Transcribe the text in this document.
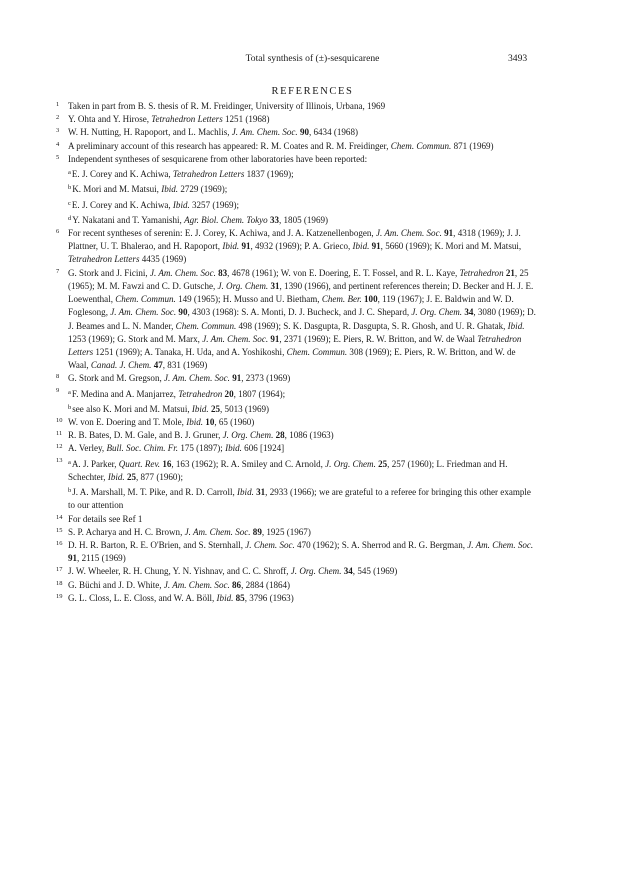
Total synthesis of (±)-sesquicarene	3493
REFERENCES
1 Taken in part from B. S. thesis of R. M. Freidinger, University of Illinois, Urbana, 1969
2 Y. Ohta and Y. Hirose, Tetrahedron Letters 1251 (1968)
3 W. H. Nutting, H. Rapoport, and L. Machlis, J. Am. Chem. Soc. 90, 6434 (1968)
4 A preliminary account of this research has appeared: R. M. Coates and R. M. Freidinger, Chem. Commun. 871 (1969)
5 Independent syntheses of sesquicarene from other laboratories have been reported:
$^a$E. J. Corey and K. Achiwa, Tetrahedron Letters 1837 (1969);
$^b$K. Mori and M. Matsui, Ibid. 2729 (1969);
$^c$E. J. Corey and K. Achiwa, Ibid. 3257 (1969);
$^d$Y. Nakatani and T. Yamanishi, Agr. Biol. Chem. Tokyo 33, 1805 (1969)
6 For recent syntheses of serenin: E. J. Corey, K. Achiwa, and J. A. Katzenellenbogen, J. Am. Chem. Soc. 91, 4318 (1969); J. J. Plattner, U. T. Bhalerao, and H. Rapoport, Ibid. 91, 4932 (1969); P. A. Grieco, Ibid. 91, 5660 (1969); K. Mori and M. Matsui, Tetrahedron Letters 4435 (1969)
7 G. Stork and J. Ficini, J. Am. Chem. Soc. 83, 4678 (1961); W. von E. Doering, E. T. Fossel, and R. L. Kaye, Tetrahedron 21, 25 (1965); M. M. Fawzi and C. D. Gutsche, J. Org. Chem. 31, 1390 (1966), and pertinent references therein; D. Becker and H. J. E. Loewenthal, Chem. Commun. 149 (1965); H. Musso and U. Bietham, Chem. Ber. 100, 119 (1967); J. E. Baldwin and W. D. Foglesong, J. Am. Chem. Soc. 90, 4303 (1968): S. A. Monti, D. J. Bucheck, and J. C. Shepard, J. Org. Chem. 34, 3080 (1969); D. J. Beames and L. N. Mander, Chem. Commun. 498 (1969); S. K. Dasgupta, R. Dasgupta, S. R. Ghosh, and U. R. Ghatak, Ibid. 1253 (1969); G. Stork and M. Marx, J. Am. Chem. Soc. 91, 2371 (1969); E. Piers, R. W. Britton, and W. de Waal Tetrahedron Letters 1251 (1969); A. Tanaka, H. Uda, and A. Yoshikoshi, Chem. Commun. 308 (1969); E. Piers, R. W. Britton, and W. de Waal, Canad. J. Chem. 47, 831 (1969)
8 G. Stork and M. Gregson, J. Am. Chem. Soc. 91, 2373 (1969)
9 $^a$F. Medina and A. Manjarrez, Tetrahedron 20, 1807 (1964);
$^b$see also K. Mori and M. Matsui, Ibid. 25, 5013 (1969)
10 W. von E. Doering and T. Mole, Ibid. 10, 65 (1960)
11 R. B. Bates, D. M. Gale, and B. J. Gruner, J. Org. Chem. 28, 1086 (1963)
12 A. Verley, Bull. Soc. Chim. Fr. 175 (1897); Ibid. 606 [1924]
13 $^a$A. J. Parker, Quart. Rev. 16, 163 (1962); R. A. Smiley and C. Arnold, J. Org. Chem. 25, 257 (1960); L. Friedman and H. Schechter, Ibid. 25, 877 (1960);
$^b$J. A. Marshall, M. T. Pike, and R. D. Carroll, Ibid. 31, 2933 (1966); we are grateful to a referee for bringing this other example to our attention
14 For details see Ref 1
15 S. P. Acharya and H. C. Brown, J. Am. Chem. Soc. 89, 1925 (1967)
16 D. H. R. Barton, R. E. O'Brien, and S. Sternhall, J. Chem. Soc. 470 (1962); S. A. Sherrod and R. G. Bergman, J. Am. Chem. Soc. 91, 2115 (1969)
17 J. W. Wheeler, R. H. Chung, Y. N. Yishnav, and C. C. Shroff, J. Org. Chem. 34, 545 (1969)
18 G. Büchi and J. D. White, J. Am. Chem. Soc. 86, 2884 (1864)
19 G. L. Closs, L. E. Closs, and W. A. Böll, Ibid. 85, 3796 (1963)
